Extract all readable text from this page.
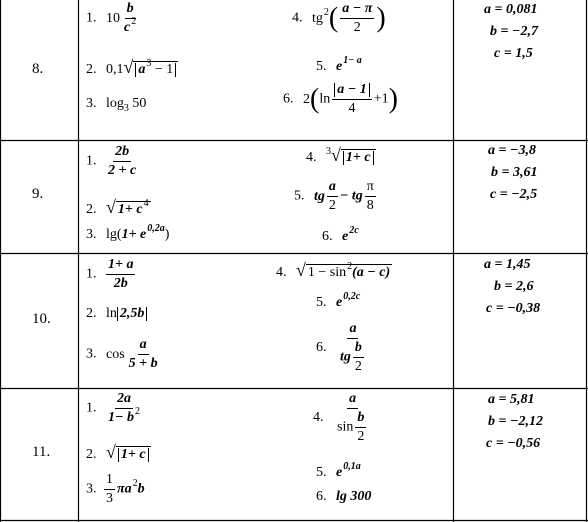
8.
1. $10 \frac{b}{c^2}$
2. 0,1√ $a^3 - 1$
3. $\log_3 50$
4. $tg^2( \frac{a - \pi}{2}$ )
5. $e^{1- a}$
6. $2(\ln \frac{a - 1}{4} +1)$
a = 0,081
b = −2,7
c = 1,5
9.
1. $\frac{2b}{2 + c}$
2. √ $1+ c^4$
3. $\lg(1+ e^{0,2a})$
4. $^3$√ 1+ c
5. tg $\frac{a}{2}$ − tg $\frac{\pi}{8}$
6. $e^{2c}$
a = −3,8
b = 3,61
c = −2,5
10.
1. $\frac{1+ a}{2b}$
2. ln 2,5b
3. $\cos \frac{a}{5 + b}$
4. √ $1 - \sin^2(a - c)$
5. $e^{0,2c}$
6. $\frac{a}{tg \frac{b}{2}}$
a = 1,45
b = 2,6
c = −0,38
11.
1. $\frac{2a}{1- b^2}$
2. √ 1+ c
3. $\frac{1}{3} \pi a^2b$
4. $\frac{a}{\sin \frac{b}{2}}$
5. $e^{0,1a}$
6. lg 300
a = 5,81
b = −2,12
c = −0,56
